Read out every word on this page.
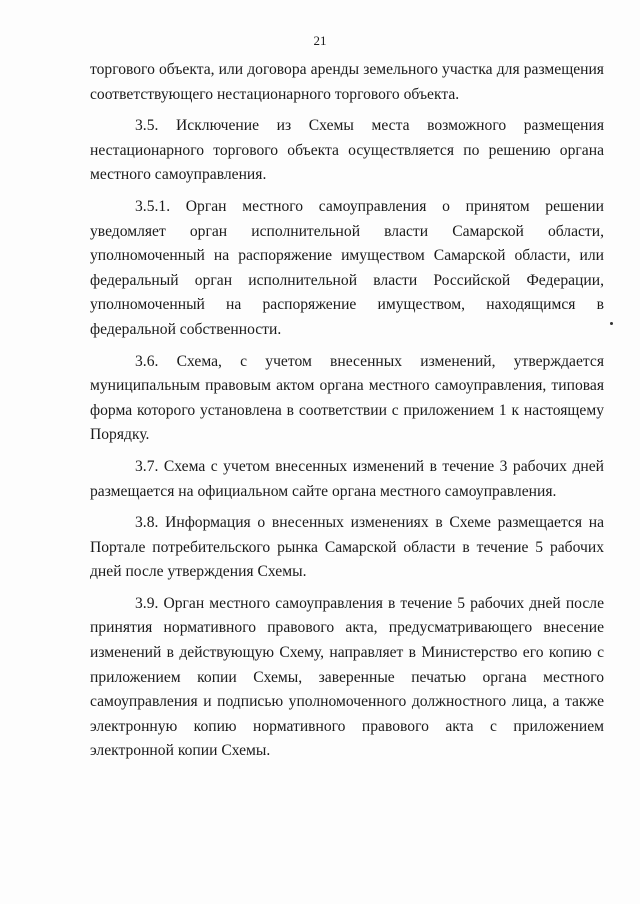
21

торгового объекта, или договора аренды земельного участка для размещения соответствующего нестационарного торгового объекта.

3.5. Исключение из Схемы места возможного размещения нестационарного торгового объекта осуществляется по решению органа местного самоуправления.

3.5.1. Орган местного самоуправления о принятом решении уведомляет орган исполнительной власти Самарской области, уполномоченный на распоряжение имуществом Самарской области, или федеральный орган исполнительной власти Российской Федерации, уполномоченный на распоряжение имуществом, находящимся в федеральной собственности.

3.6. Схема, с учетом внесенных изменений, утверждается муниципальным правовым актом органа местного самоуправления, типовая форма которого установлена в соответствии с приложением 1 к настоящему Порядку.

3.7. Схема с учетом внесенных изменений в течение 3 рабочих дней размещается на официальном сайте органа местного самоуправления.

3.8. Информация о внесенных изменениях в Схеме размещается на Портале потребительского рынка Самарской области в течение 5 рабочих дней после утверждения Схемы.

3.9. Орган местного самоуправления в течение 5 рабочих дней после принятия нормативного правового акта, предусматривающего внесение изменений в действующую Схему, направляет в Министерство его копию с приложением копии Схемы, заверенные печатью органа местного самоуправления и подписью уполномоченного должностного лица, а также электронную копию нормативного правового акта с приложением электронной копии Схемы.
